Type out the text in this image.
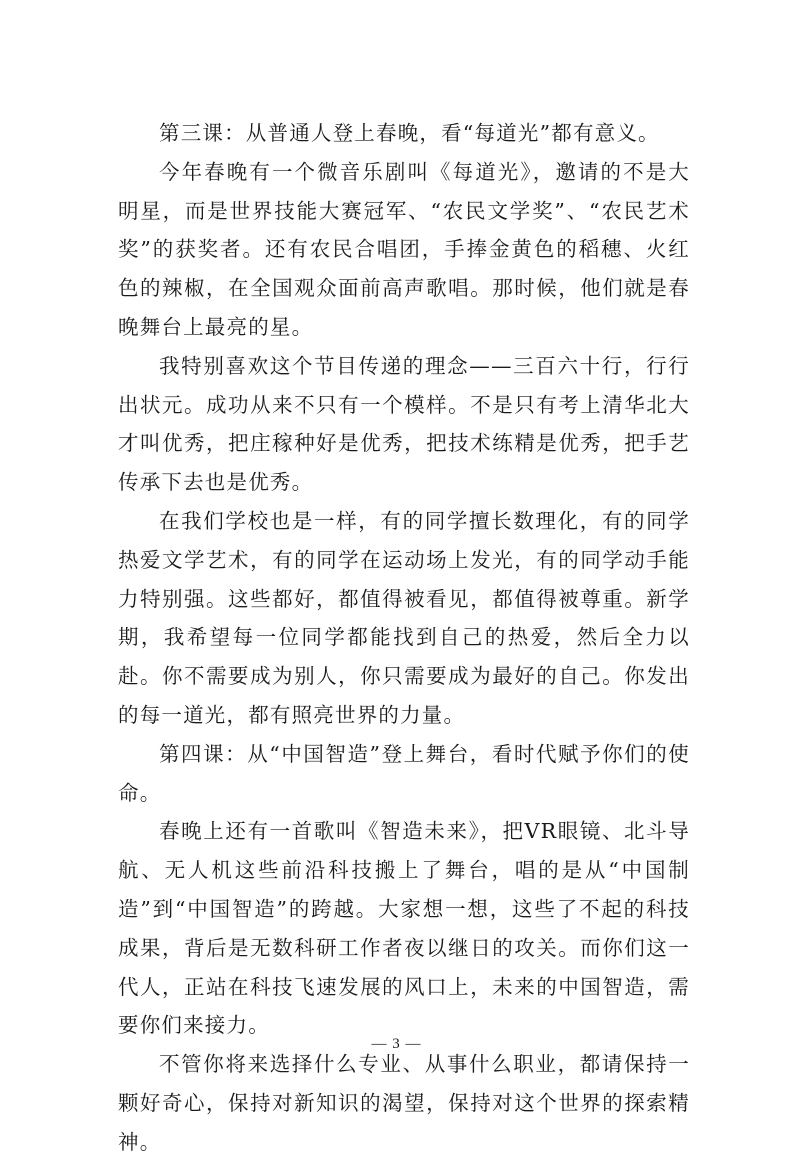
第三课：从普通人登上春晚，看“每道光”都有意义。

今年春晚有一个微音乐剧叫《每道光》，邀请的不是大明星，而是世界技能大赛冠军、“农民文学奖”、“农民艺术奖”的获奖者。还有农民合唱团，手捧金黄色的稻穗、火红色的辣椒，在全国观众面前高声歌唱。那时候，他们就是春晚舞台上最亮的星。

我特别喜欢这个节目传递的理念——三百六十行，行行出状元。成功从来不只有一个模样。不是只有考上清华北大才叫优秀，把庄稼种好是优秀，把技术练精是优秀，把手艺传承下去也是优秀。

在我们学校也是一样，有的同学擅长数理化，有的同学热爱文学艺术，有的同学在运动场上发光，有的同学动手能力特别强。这些都好，都值得被看见，都值得被尊重。新学期，我希望每一位同学都能找到自己的热爱，然后全力以赴。你不需要成为别人，你只需要成为最好的自己。你发出的每一道光，都有照亮世界的力量。

第四课：从“中国智造”登上舞台，看时代赋予你们的使命。

春晚上还有一首歌叫《智造未来》，把VR眼镜、北斗导航、无人机这些前沿科技搬上了舞台，唱的是从“中国制造”到“中国智造”的跨越。大家想一想，这些了不起的科技成果，背后是无数科研工作者夜以继日的攻关。而你们这一代人，正站在科技飞速发展的风口上，未来的中国智造，需要你们来接力。

不管你将来选择什么专业、从事什么职业，都请保持一颗好奇心，保持对新知识的渴望，保持对这个世界的探索精神。

— 3 —
